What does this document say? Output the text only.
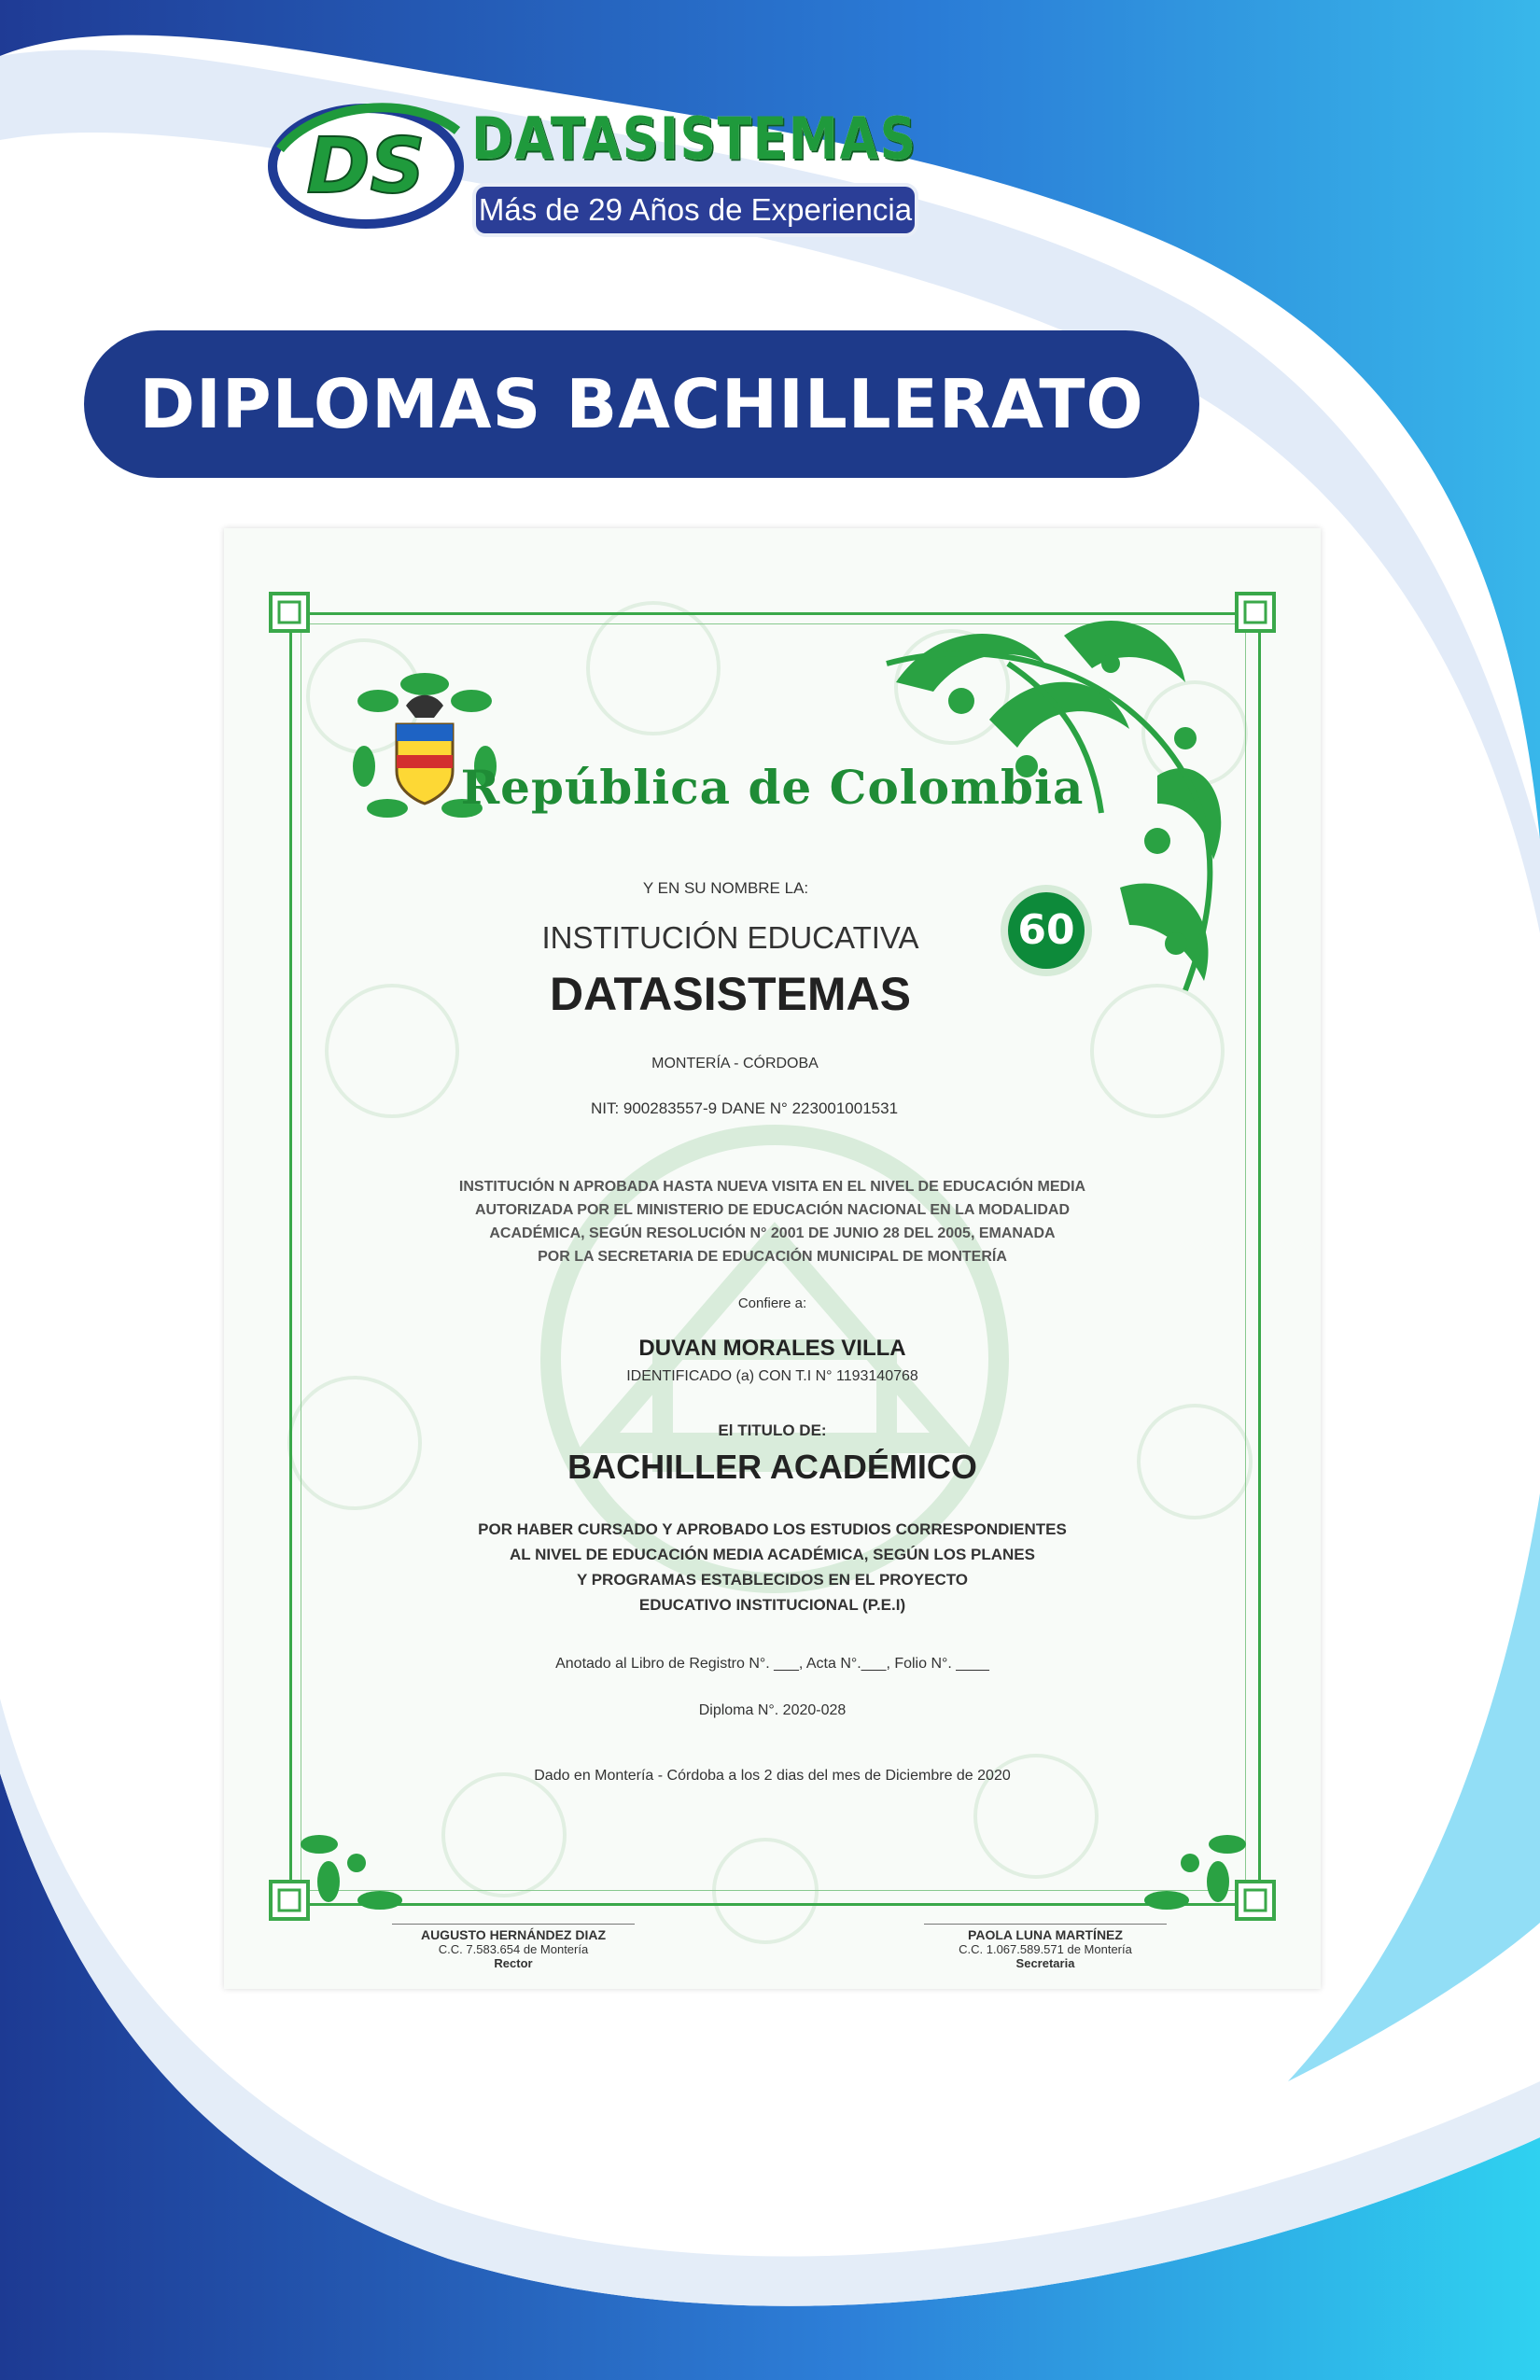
DS DATASISTEMAS
Más de 29 Años de Experiencia
DIPLOMAS BACHILLERATO
República de Colombia
Y EN SU NOMBRE LA:
INSTITUCIÓN EDUCATIVA
DATASISTEMAS
60
MONTERÍA - CÓRDOBA
NIT: 900283557-9 DANE N° 223001001531
INSTITUCIÓN N APROBADA HASTA NUEVA VISITA EN EL NIVEL DE EDUCACIÓN MEDIA
AUTORIZADA POR EL MINISTERIO DE EDUCACIÓN NACIONAL EN LA MODALIDAD
ACADÉMICA, SEGÚN RESOLUCIÓN N° 2001 DE JUNIO 28 DEL 2005, EMANADA
POR LA SECRETARIA DE EDUCACIÓN MUNICIPAL DE MONTERÍA
Confiere a:
DUVAN MORALES VILLA
IDENTIFICADO (a) CON T.I N° 1193140768
El TITULO DE:
BACHILLER ACADÉMICO
POR HABER CURSADO Y APROBADO LOS ESTUDIOS CORRESPONDIENTES
AL NIVEL DE EDUCACIÓN MEDIA ACADÉMICA, SEGÚN LOS PLANES
Y PROGRAMAS ESTABLECIDOS EN EL PROYECTO
EDUCATIVO INSTITUCIONAL (P.E.I)
Anotado al Libro de Registro N°. ___, Acta N°.___, Folio N°. ____
Diploma N°. 2020-028
Dado en Montería - Córdoba a los 2 dias del mes de Diciembre de 2020
AUGUSTO HERNÁNDEZ DIAZ
C.C. 7.583.654 de Montería
Rector
PAOLA LUNA MARTÍNEZ
C.C. 1.067.589.571 de Montería
Secretaria
